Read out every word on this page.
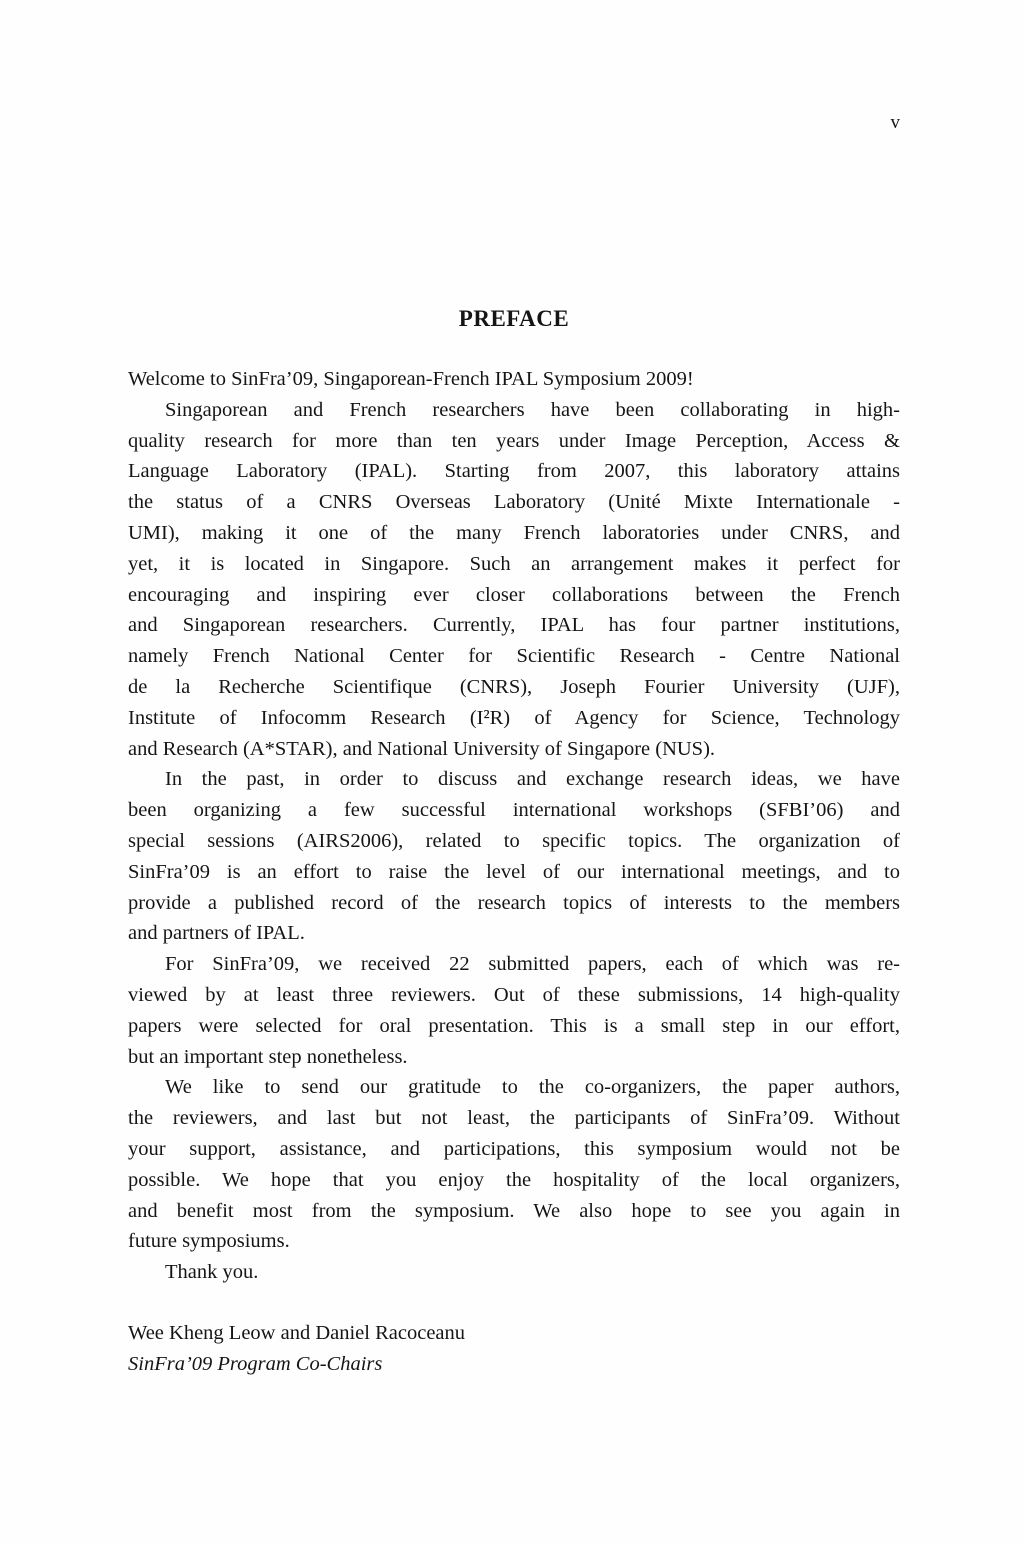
v
PREFACE
Welcome to SinFra’09, Singaporean-French IPAL Symposium 2009!
Singaporean and French researchers have been collaborating in high-
quality research for more than ten years under Image Perception, Access &
Language Laboratory (IPAL). Starting from 2007, this laboratory attains
the status of a CNRS Overseas Laboratory (Unité Mixte Internationale -
UMI), making it one of the many French laboratories under CNRS, and
yet, it is located in Singapore. Such an arrangement makes it perfect for
encouraging and inspiring ever closer collaborations between the French
and Singaporean researchers. Currently, IPAL has four partner institutions,
namely French National Center for Scientific Research - Centre National
de la Recherche Scientifique (CNRS), Joseph Fourier University (UJF),
Institute of Infocomm Research (I²R) of Agency for Science, Technology
and Research (A*STAR), and National University of Singapore (NUS).
In the past, in order to discuss and exchange research ideas, we have
been organizing a few successful international workshops (SFBI’06) and
special sessions (AIRS2006), related to specific topics. The organization of
SinFra’09 is an effort to raise the level of our international meetings, and to
provide a published record of the research topics of interests to the members
and partners of IPAL.
For SinFra’09, we received 22 submitted papers, each of which was re-
viewed by at least three reviewers. Out of these submissions, 14 high-quality
papers were selected for oral presentation. This is a small step in our effort,
but an important step nonetheless.
We like to send our gratitude to the co-organizers, the paper authors,
the reviewers, and last but not least, the participants of SinFra’09. Without
your support, assistance, and participations, this symposium would not be
possible. We hope that you enjoy the hospitality of the local organizers,
and benefit most from the symposium. We also hope to see you again in
future symposiums.
Thank you.
Wee Kheng Leow and Daniel Racoceanu
SinFra’09 Program Co-Chairs
